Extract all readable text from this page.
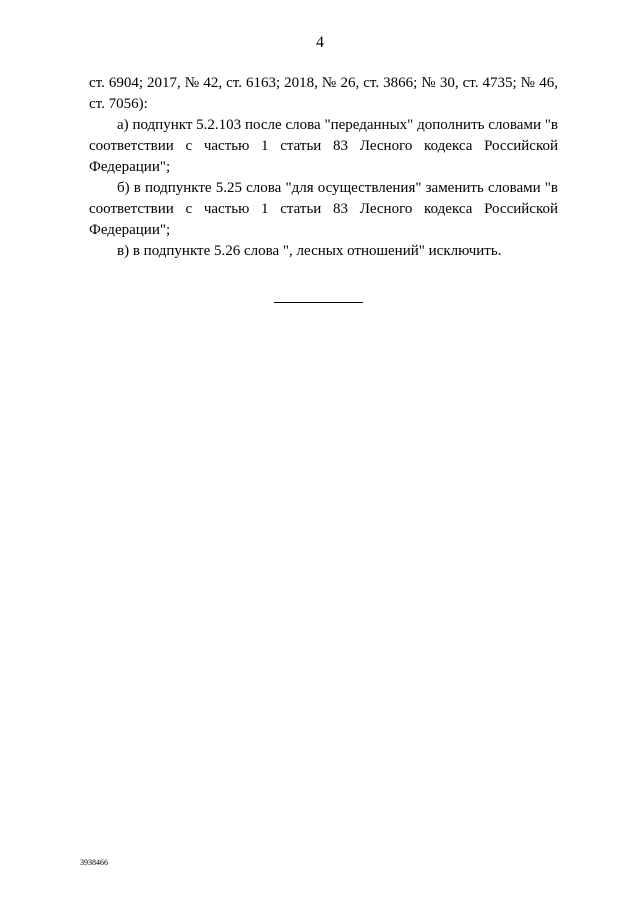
4

ст. 6904; 2017, № 42, ст. 6163; 2018, № 26, ст. 3866; № 30, ст. 4735; № 46, ст. 7056):

а) подпункт 5.2.103 после слова "переданных" дополнить словами "в соответствии с частью 1 статьи 83 Лесного кодекса Российской Федерации";

б) в подпункте 5.25 слова "для осуществления" заменить словами "в соответствии с частью 1 статьи 83 Лесного кодекса Российской Федерации";

в) в подпункте 5.26 слова ", лесных отношений" исключить.

3938466
